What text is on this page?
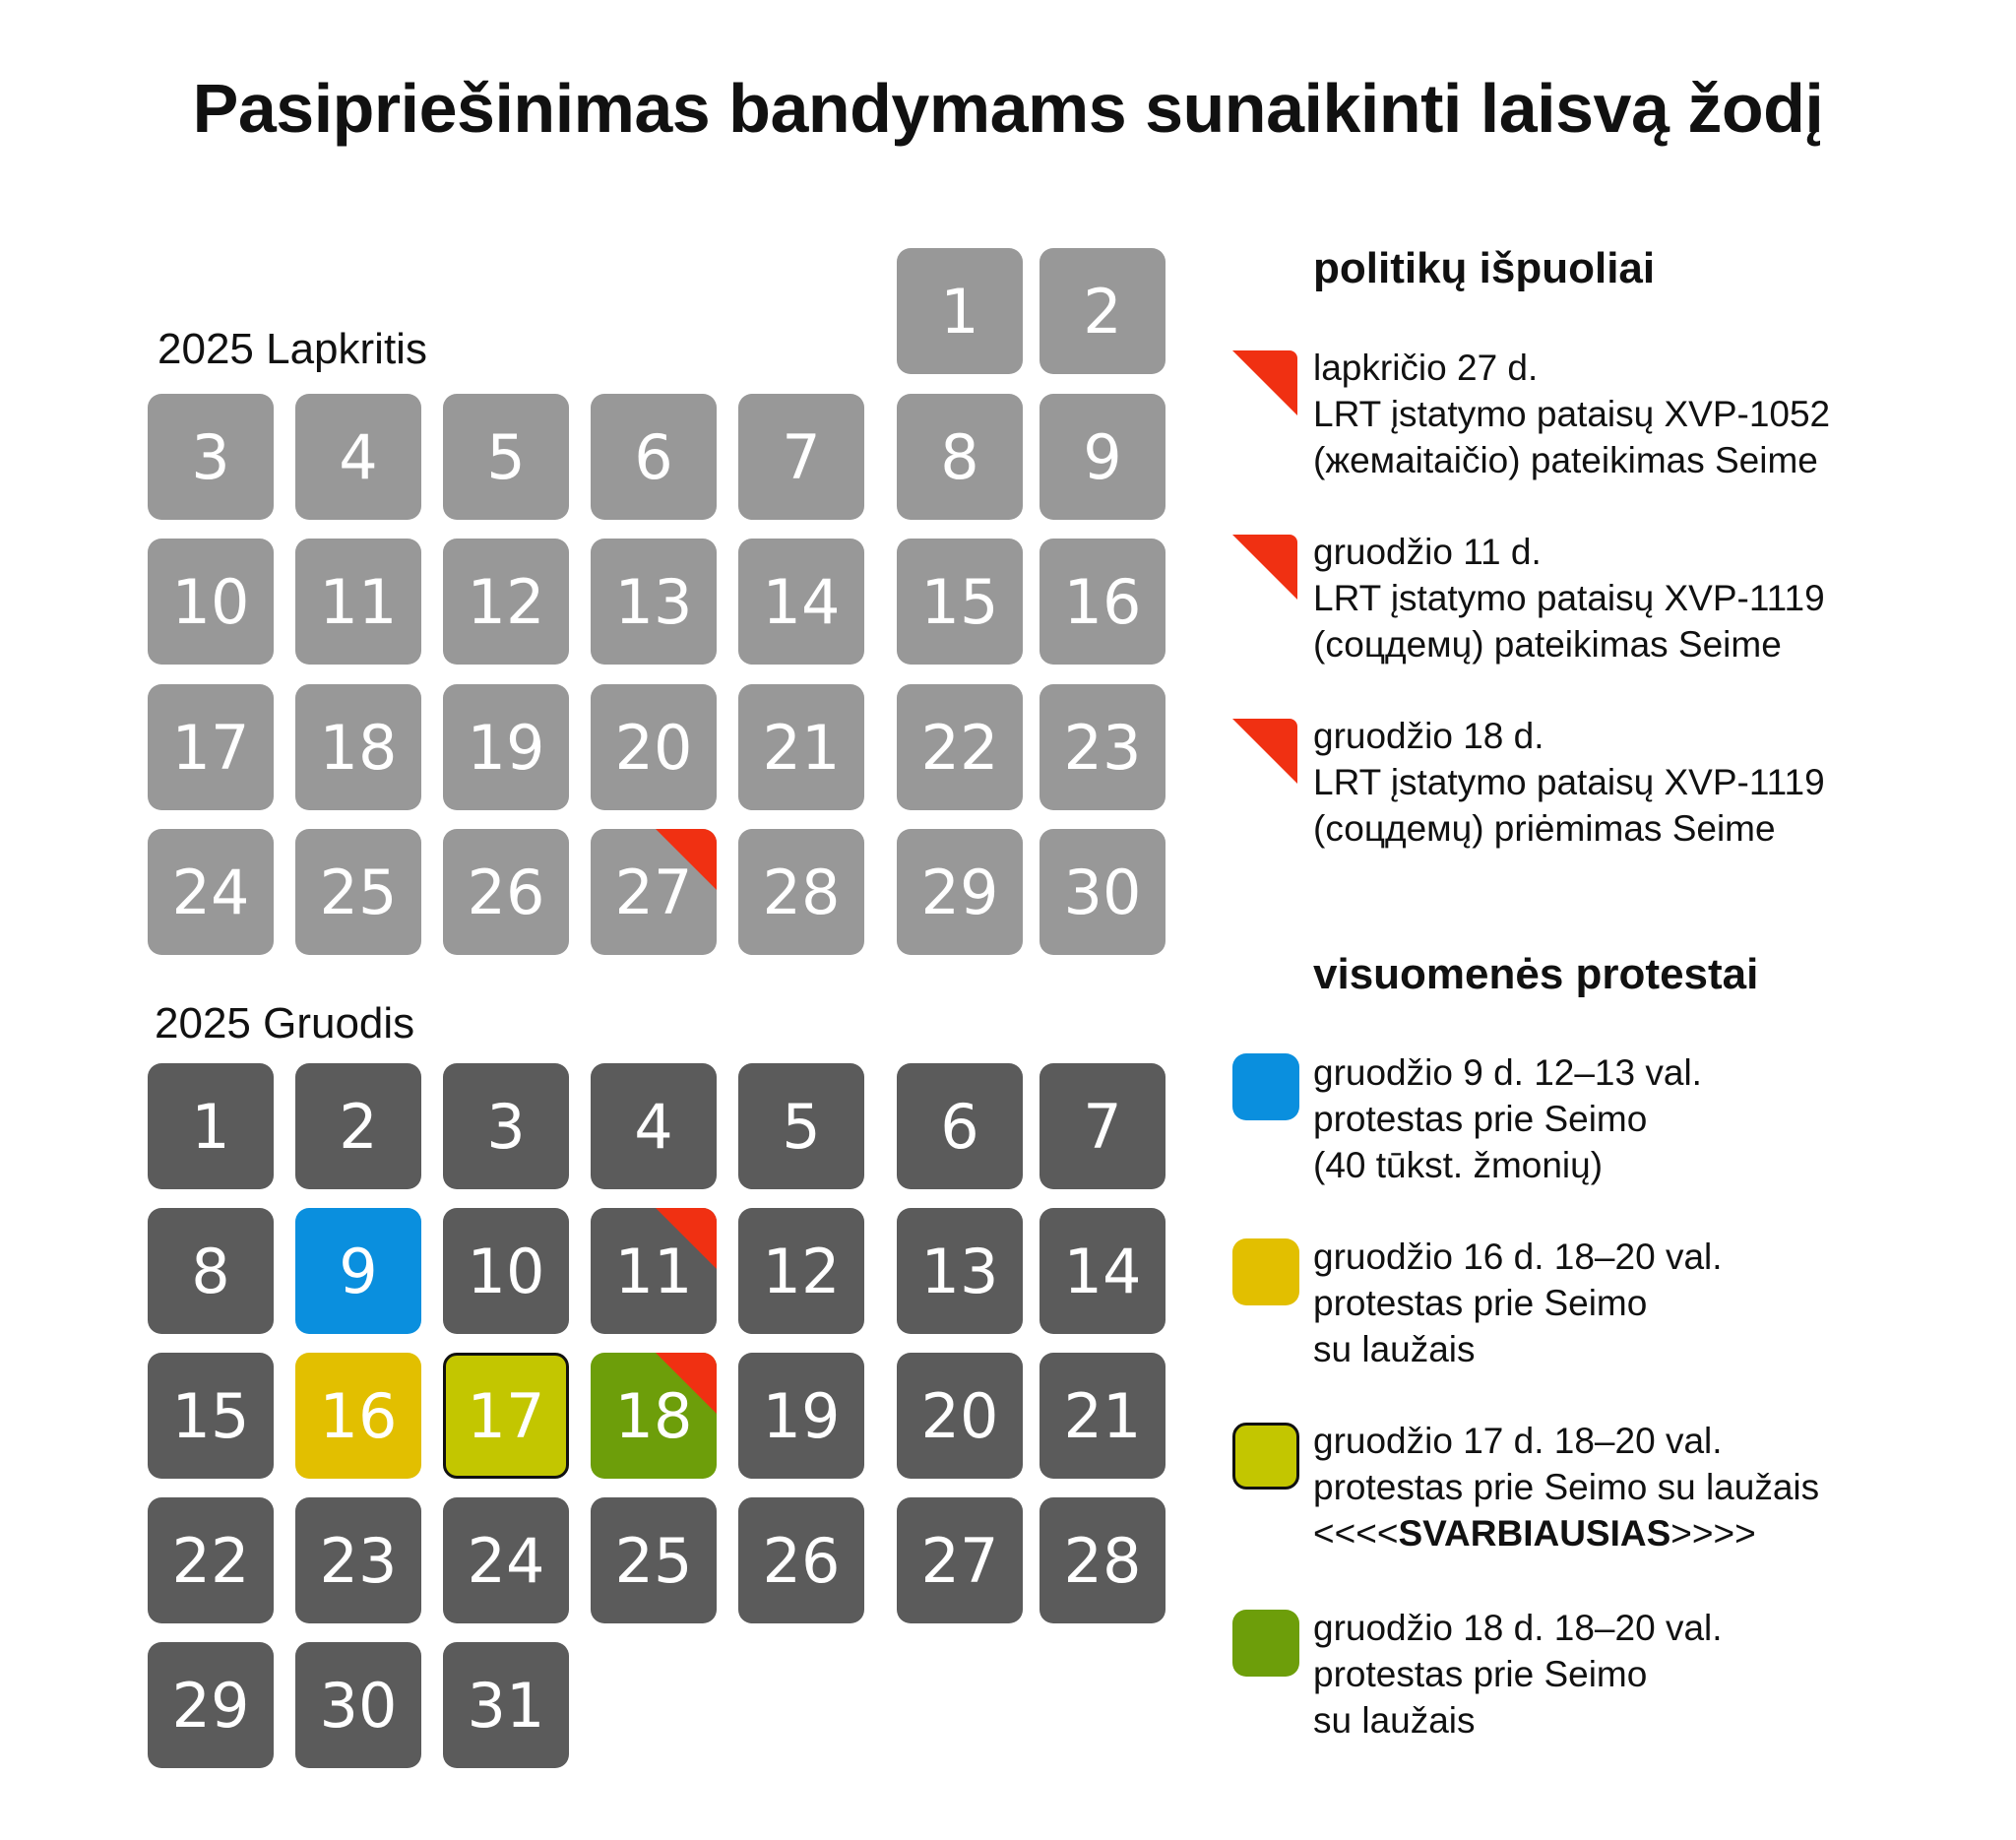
Pasipriešinimas bandymams sunaikinti laisvą žodį
2025 Lapkritis
2025 Gruodis
1 2
3 4 5 6 7 8 9
10 11 12 13 14 15 16
17 18 19 20 21 22 23
24 25 26 27 28 29 30
1 2 3 4 5 6 7
8 9 10 11 12 13 14
15 16 17 18 19 20 21
22 23 24 25 26 27 28
29 30 31
politikų išpuoliai
lapkričio 27 d.
LRT įstatymo pataisų XVP-1052
(жемaitaičio) pateikimas Seime
gruodžio 11 d.
LRT įstatymo pataisų XVP-1119
(соцдемų) pateikimas Seime
gruodžio 18 d.
LRT įstatymo pataisų XVP-1119
(соцдемų) priėmimas Seime
visuomenės protestai
gruodžio 9 d. 12–13 val.
protestas prie Seimo
(40 tūkst. žmonių)
gruodžio 16 d. 18–20 val.
protestas prie Seimo
su laužais
gruodžio 17 d. 18–20 val.
protestas prie Seimo su laužais
<<<<SVARBIAUSIAS>>>>
gruodžio 18 d. 18–20 val.
protestas prie Seimo
su laužais
